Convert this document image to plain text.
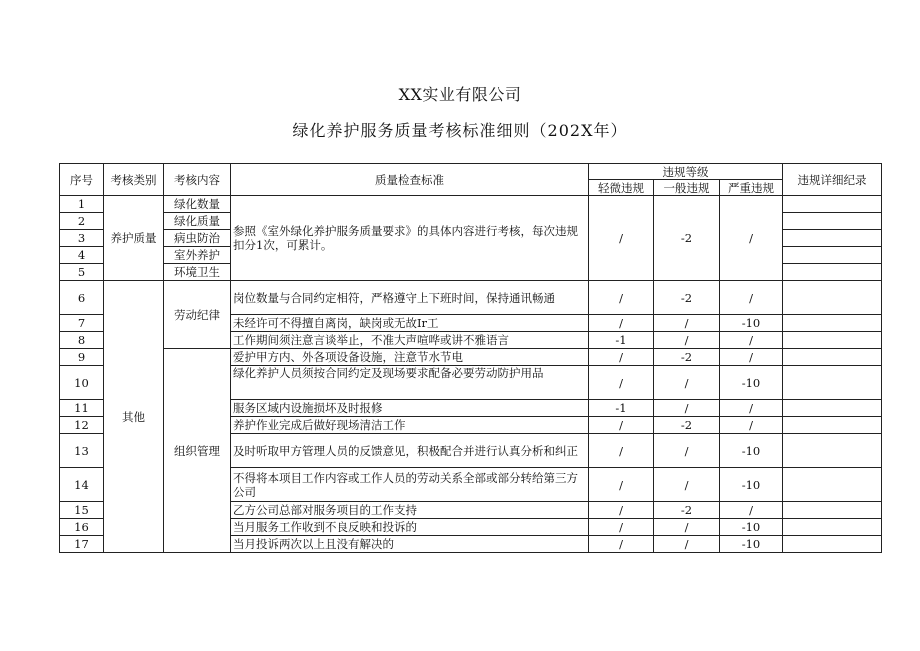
XX实业有限公司
绿化养护服务质量考核标准细则（202X年）
序号	考核类别	考核内容	质量检查标准	违规等级			违规详细纪录
				轻微违规	一般违规	严重违规	
1	养护质量	绿化数量	参照《室外绿化养护服务质量要求》的具体内容进行考核，每次违规扣分1次，可累计。	/	-2	/	
2		绿化质量					
3		病虫防治					
4		室外养护					
5		环境卫生					
6	其他	劳动纪律	岗位数量与合同约定相符，严格遵守上下班时间，保持通讯畅通	/	-2	/	
7			未经许可不得擅自离岗，缺岗或无故Ir工	/	/	-10	
8			工作期间须注意言谈举止，不准大声喧哗或讲不雅语言	-1	/	/	
9		组织管理	爱护甲方内、外各项设备设施，注意节水节电	/	-2	/	
10			绿化养护人员须按合同约定及现场要求配备必要劳动防护用品	/	/	-10	
11			服务区域内设施损坏及时报修	-1	/	/	
12			养护作业完成后做好现场清洁工作	/	-2	/	
13			及时听取甲方管理人员的反馈意见，积极配合并进行认真分析和纠正	/	/	-10	
14			不得将本项目工作内容或工作人员的劳动关系全部或部分转给第三方公司	/	/	-10	
15			乙方公司总部对服务项目的工作支持	/	-2	/	
16			当月服务工作收到不良反映和投诉的	/	/	-10	
17			当月投诉两次以上且没有解决的	/	/	-10	
